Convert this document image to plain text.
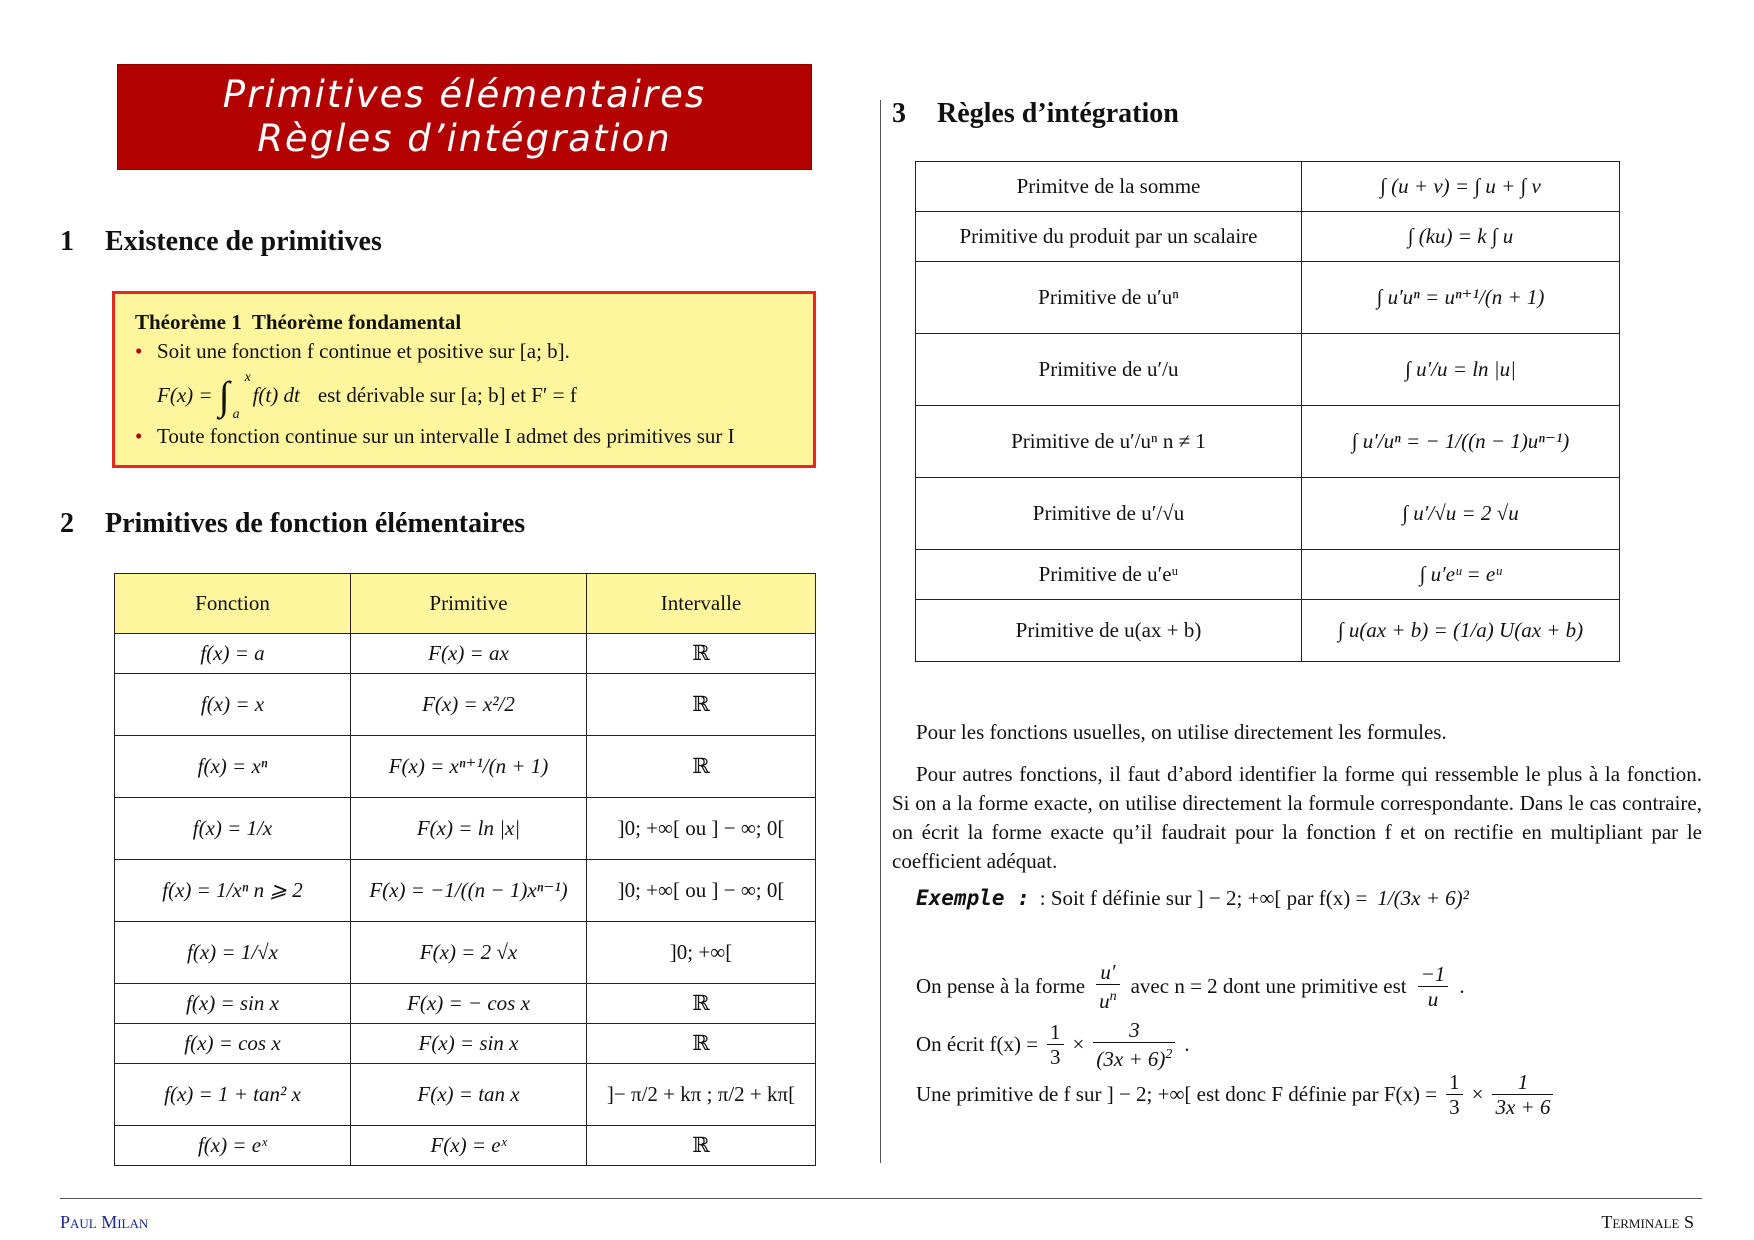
Primitives élémentaires
Règles d’intégration
1 Existence de primitives
Théorème 1 Théorème fondamental
• Soit une fonction f continue et positive sur [a; b].
F(x) = ∫ x
a
f(t) dt est dérivable sur [a; b] et F′ = f
• Toute fonction continue sur un intervalle I admet des primitives sur I
2 Primitives de fonction élémentaires
Fonction	Primitive	Intervalle
f(x) = a	F(x) = ax	ℝ
f(x) = x	F(x) = x²/2	ℝ
f(x) = xⁿ	F(x) = xⁿ⁺¹/(n + 1)	ℝ
f(x) = 1/x	F(x) = ln |x|	]0; +∞[ ou ] − ∞; 0[
f(x) = 1/xⁿ n ⩾ 2	F(x) = −1/((n − 1)xⁿ⁻¹)	]0; +∞[ ou ] − ∞; 0[
f(x) = 1/√x	F(x) = 2 √x	]0; +∞[
f(x) = sin x	F(x) = − cos x	ℝ
f(x) = cos x	F(x) = sin x	ℝ
f(x) = 1 + tan² x	F(x) = tan x	]− π/2 + kπ ; π/2 + kπ[
f(x) = eˣ	F(x) = eˣ	ℝ
3 Règles d’intégration
Primitve de la somme	∫ (u + v) = ∫ u + ∫ v
Primitive du produit par un scalaire	∫ (ku) = k ∫ u
Primitive de u′uⁿ	∫ u′uⁿ = uⁿ⁺¹/(n + 1)
Primitive de u′/u	∫ u′/u = ln |u|
Primitive de u′/uⁿ n ≠ 1	∫ u′/uⁿ = − 1/((n − 1)uⁿ⁻¹)
Primitive de u′/√u	∫ u′/√u = 2 √u
Primitive de u′eᵘ	∫ u′eᵘ = eᵘ
Primitive de u(ax + b)	∫ u(ax + b) = (1/a) U(ax + b)
Pour les fonctions usuelles, on utilise directement les formules.
Pour autres fonctions, il faut d’abord identifier la forme qui ressemble le plus à la fonction. Si on a la forme exacte, on utilise directement la formule correspondante. Dans le cas contraire, on écrit la forme exacte qu’il faudrait pour la fonction f et on rectifie en multipliant par le coefficient adéquat.
Exemple : : Soit f définie sur ] − 2; +∞[ par f(x) = 1/(3x + 6)²
On pense à la forme $\frac{u'}{u^n}$ avec n = 2 dont une primitive est $\frac{-1}{u}$ .
On écrit $f(x) = \frac{1}{3} \times \frac{3}{(3x + 6)^2}$ .
Une primitive de f sur ] − 2; +∞[ est donc F définie par $F(x) = \frac{1}{3} \times \frac{1}{3x + 6}$
Paul Milan	Terminale S
